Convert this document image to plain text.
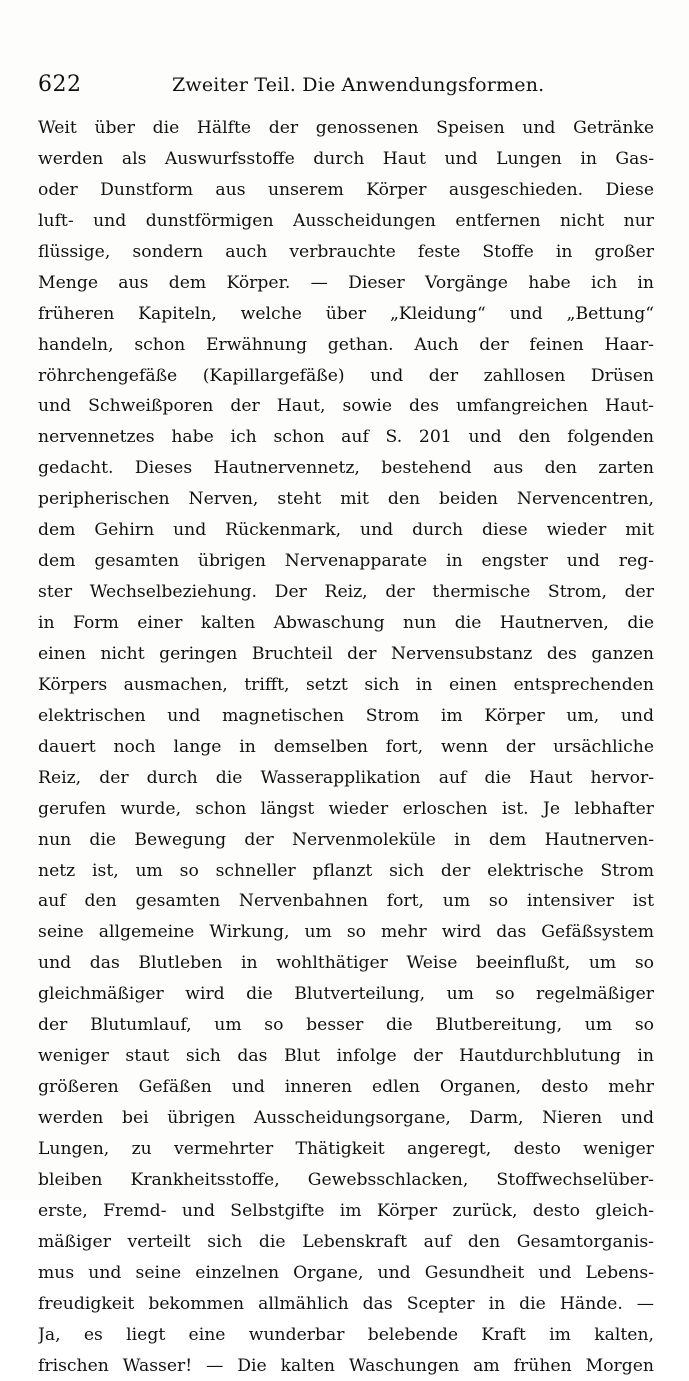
622	Zweiter Teil. Die Anwendungsformen.
Weit über die Hälfte der genossenen Speisen und Getränke
werden als Auswurfsstoffe durch Haut und Lungen in Gas-
oder Dunstform aus unserem Körper ausgeschieden. Diese
luft- und dunstförmigen Ausscheidungen entfernen nicht nur
flüssige, sondern auch verbrauchte feste Stoffe in großer
Menge aus dem Körper. — Dieser Vorgänge habe ich in
früheren Kapiteln, welche über „Kleidung“ und „Bettung“
handeln, schon Erwähnung gethan. Auch der feinen Haar-
röhrchengefäße (Kapillargefäße) und der zahllosen Drüsen
und Schweißporen der Haut, sowie des umfangreichen Haut-
nervennetzes habe ich schon auf S. 201 und den folgenden
gedacht. Dieses Hautnervennetz, bestehend aus den zarten
peripherischen Nerven, steht mit den beiden Nervencentren,
dem Gehirn und Rückenmark, und durch diese wieder mit
dem gesamten übrigen Nervenapparate in engster und reg-
ster Wechselbeziehung. Der Reiz, der thermische Strom, der
in Form einer kalten Abwaschung nun die Hautnerven, die
einen nicht geringen Bruchteil der Nervensubstanz des ganzen
Körpers ausmachen, trifft, setzt sich in einen entsprechenden
elektrischen und magnetischen Strom im Körper um, und
dauert noch lange in demselben fort, wenn der ursächliche
Reiz, der durch die Wasserapplikation auf die Haut hervor-
gerufen wurde, schon längst wieder erloschen ist. Je lebhafter
nun die Bewegung der Nervenmoleküle in dem Hautnerven-
netz ist, um so schneller pflanzt sich der elektrische Strom
auf den gesamten Nervenbahnen fort, um so intensiver ist
seine allgemeine Wirkung, um so mehr wird das Gefäßsystem
und das Blutleben in wohlthätiger Weise beeinflußt, um so
gleichmäßiger wird die Blutverteilung, um so regelmäßiger
der Blutumlauf, um so besser die Blutbereitung, um so
weniger staut sich das Blut infolge der Hautdurchblutung in
größeren Gefäßen und inneren edlen Organen, desto mehr
werden bei übrigen Ausscheidungsorgane, Darm, Nieren und
Lungen, zu vermehrter Thätigkeit angeregt, desto weniger
bleiben Krankheitsstoffe, Gewebsschlacken, Stoffwechselüber-
erste, Fremd- und Selbstgifte im Körper zurück, desto gleich-
mäßiger verteilt sich die Lebenskraft auf den Gesamtorganis-
mus und seine einzelnen Organe, und Gesundheit und Lebens-
freudigkeit bekommen allmählich das Scepter in die Hände. —
Ja, es liegt eine wunderbar belebende Kraft im kalten,
frischen Wasser! — Die kalten Waschungen am frühen Morgen
